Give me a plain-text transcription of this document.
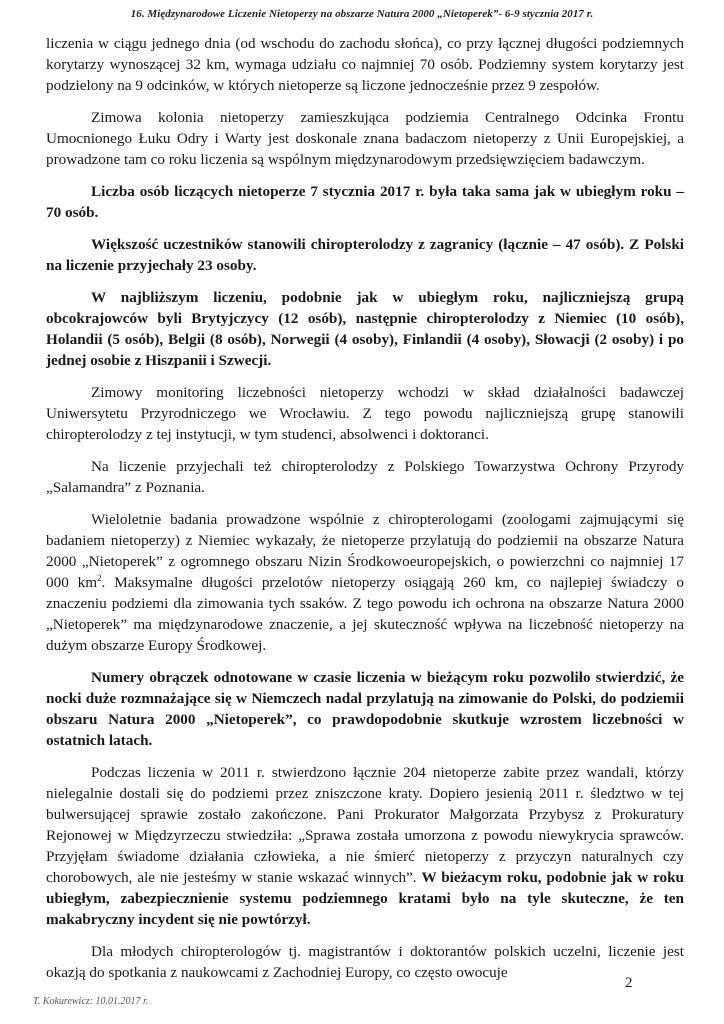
16. Międzynarodowe Liczenie Nietoperzy na obszarze Natura 2000 „Nietoperek”- 6-9 stycznia 2017 r.

liczenia w ciągu jednego dnia (od wschodu do zachodu słońca), co przy łącznej długości podziemnych korytarzy wynoszącej 32 km, wymaga udziału co najmniej 70 osób. Podziemny system korytarzy jest podzielony na 9 odcinków, w których nietoperze są liczone jednocześnie przez 9 zespołów.

Zimowa kolonia nietoperzy zamieszkująca podziemia Centralnego Odcinka Frontu Umocnionego Łuku Odry i Warty jest doskonale znana badaczom nietoperzy z Unii Europejskiej, a prowadzone tam co roku liczenia są wspólnym międzynarodowym przedsięwzięciem badawczym.

Liczba osób liczących nietoperze 7 stycznia 2017 r. była taka sama jak w ubiegłym roku – 70 osób.

Większość uczestników stanowili chiropterolodzy z zagranicy (łącznie – 47 osób). Z Polski na liczenie przyjechały 23 osoby.

W najbliższym liczeniu, podobnie jak w ubiegłym roku, najliczniejszą grupą obcokrajowców byli Brytyjczycy (12 osób), następnie chiropterolodzy z Niemiec (10 osób), Holandii (5 osób), Belgii (8 osób), Norwegii (4 osoby), Finlandii (4 osoby), Słowacji (2 osoby) i po jednej osobie z Hiszpanii i Szwecji.

Zimowy monitoring liczebności nietoperzy wchodzi w skład działalności badawczej Uniwersytetu Przyrodniczego we Wrocławiu. Z tego powodu najliczniejszą grupę stanowili chiropterolodzy z tej instytucji, w tym studenci, absolwenci i doktoranci.

Na liczenie przyjechali też chiropterolodzy z Polskiego Towarzystwa Ochrony Przyrody „Salamandra” z Poznania.

Wieloletnie badania prowadzone wspólnie z chiropterologami (zoologami zajmującymi się badaniem nietoperzy) z Niemiec wykazały, że nietoperze przylatują do podziemii na obszarze Natura 2000 „Nietoperek” z ogromnego obszaru Nizin Środkowoeuropejskich, o powierzchni co najmniej 17 000 $km^2$. Maksymalne długości przelotów nietoperzy osiągają 260 km, co najlepiej świadczy o znaczeniu podziemi dla zimowania tych ssaków. Z tego powodu ich ochrona na obszarze Natura 2000 „Nietoperek” ma międzynarodowe znaczenie, a jej skuteczność wpływa na liczebność nietoperzy na dużym obszarze Europy Środkowej.

Numery obrączek odnotowane w czasie liczenia w bieżącym roku pozwoliło stwierdzić, że nocki duże rozmnażające się w Niemczech nadal przylatują na zimowanie do Polski, do podziemii obszaru Natura 2000 „Nietoperek”, co prawdopodobnie skutkuje wzrostem liczebności w ostatnich latach.

Podczas liczenia w 2011 r. stwierdzono łącznie 204 nietoperze zabite przez wandali, którzy nielegalnie dostali się do podziemi przez zniszczone kraty. Dopiero jesienią 2011 r. śledztwo w tej bulwersującej sprawie zostało zakończone. Pani Prokurator Małgorzata Przybysz z Prokuratury Rejonowej w Międzyrzeczu stwiedziła: „Sprawa została umorzona z powodu niewykrycia sprawców. Przyjęłam świadome działania człowieka, a nie śmierć nietoperzy z przyczyn naturalnych czy chorobowych, ale nie jesteśmy w stanie wskazać winnych”. W bieżacym roku, podobnie jak w roku ubiegłym, zabezpiecznienie systemu podziemnego kratami było na tyle skuteczne, że ten makabryczny incydent się nie powtórzył.

Dla młodych chiropterologów tj. magistrantów i doktorantów polskich uczelni, liczenie jest okazją do spotkania z naukowcami z Zachodniej Europy, co często owocuje

2
T. Kokurewicz: 10.01.2017 r.
